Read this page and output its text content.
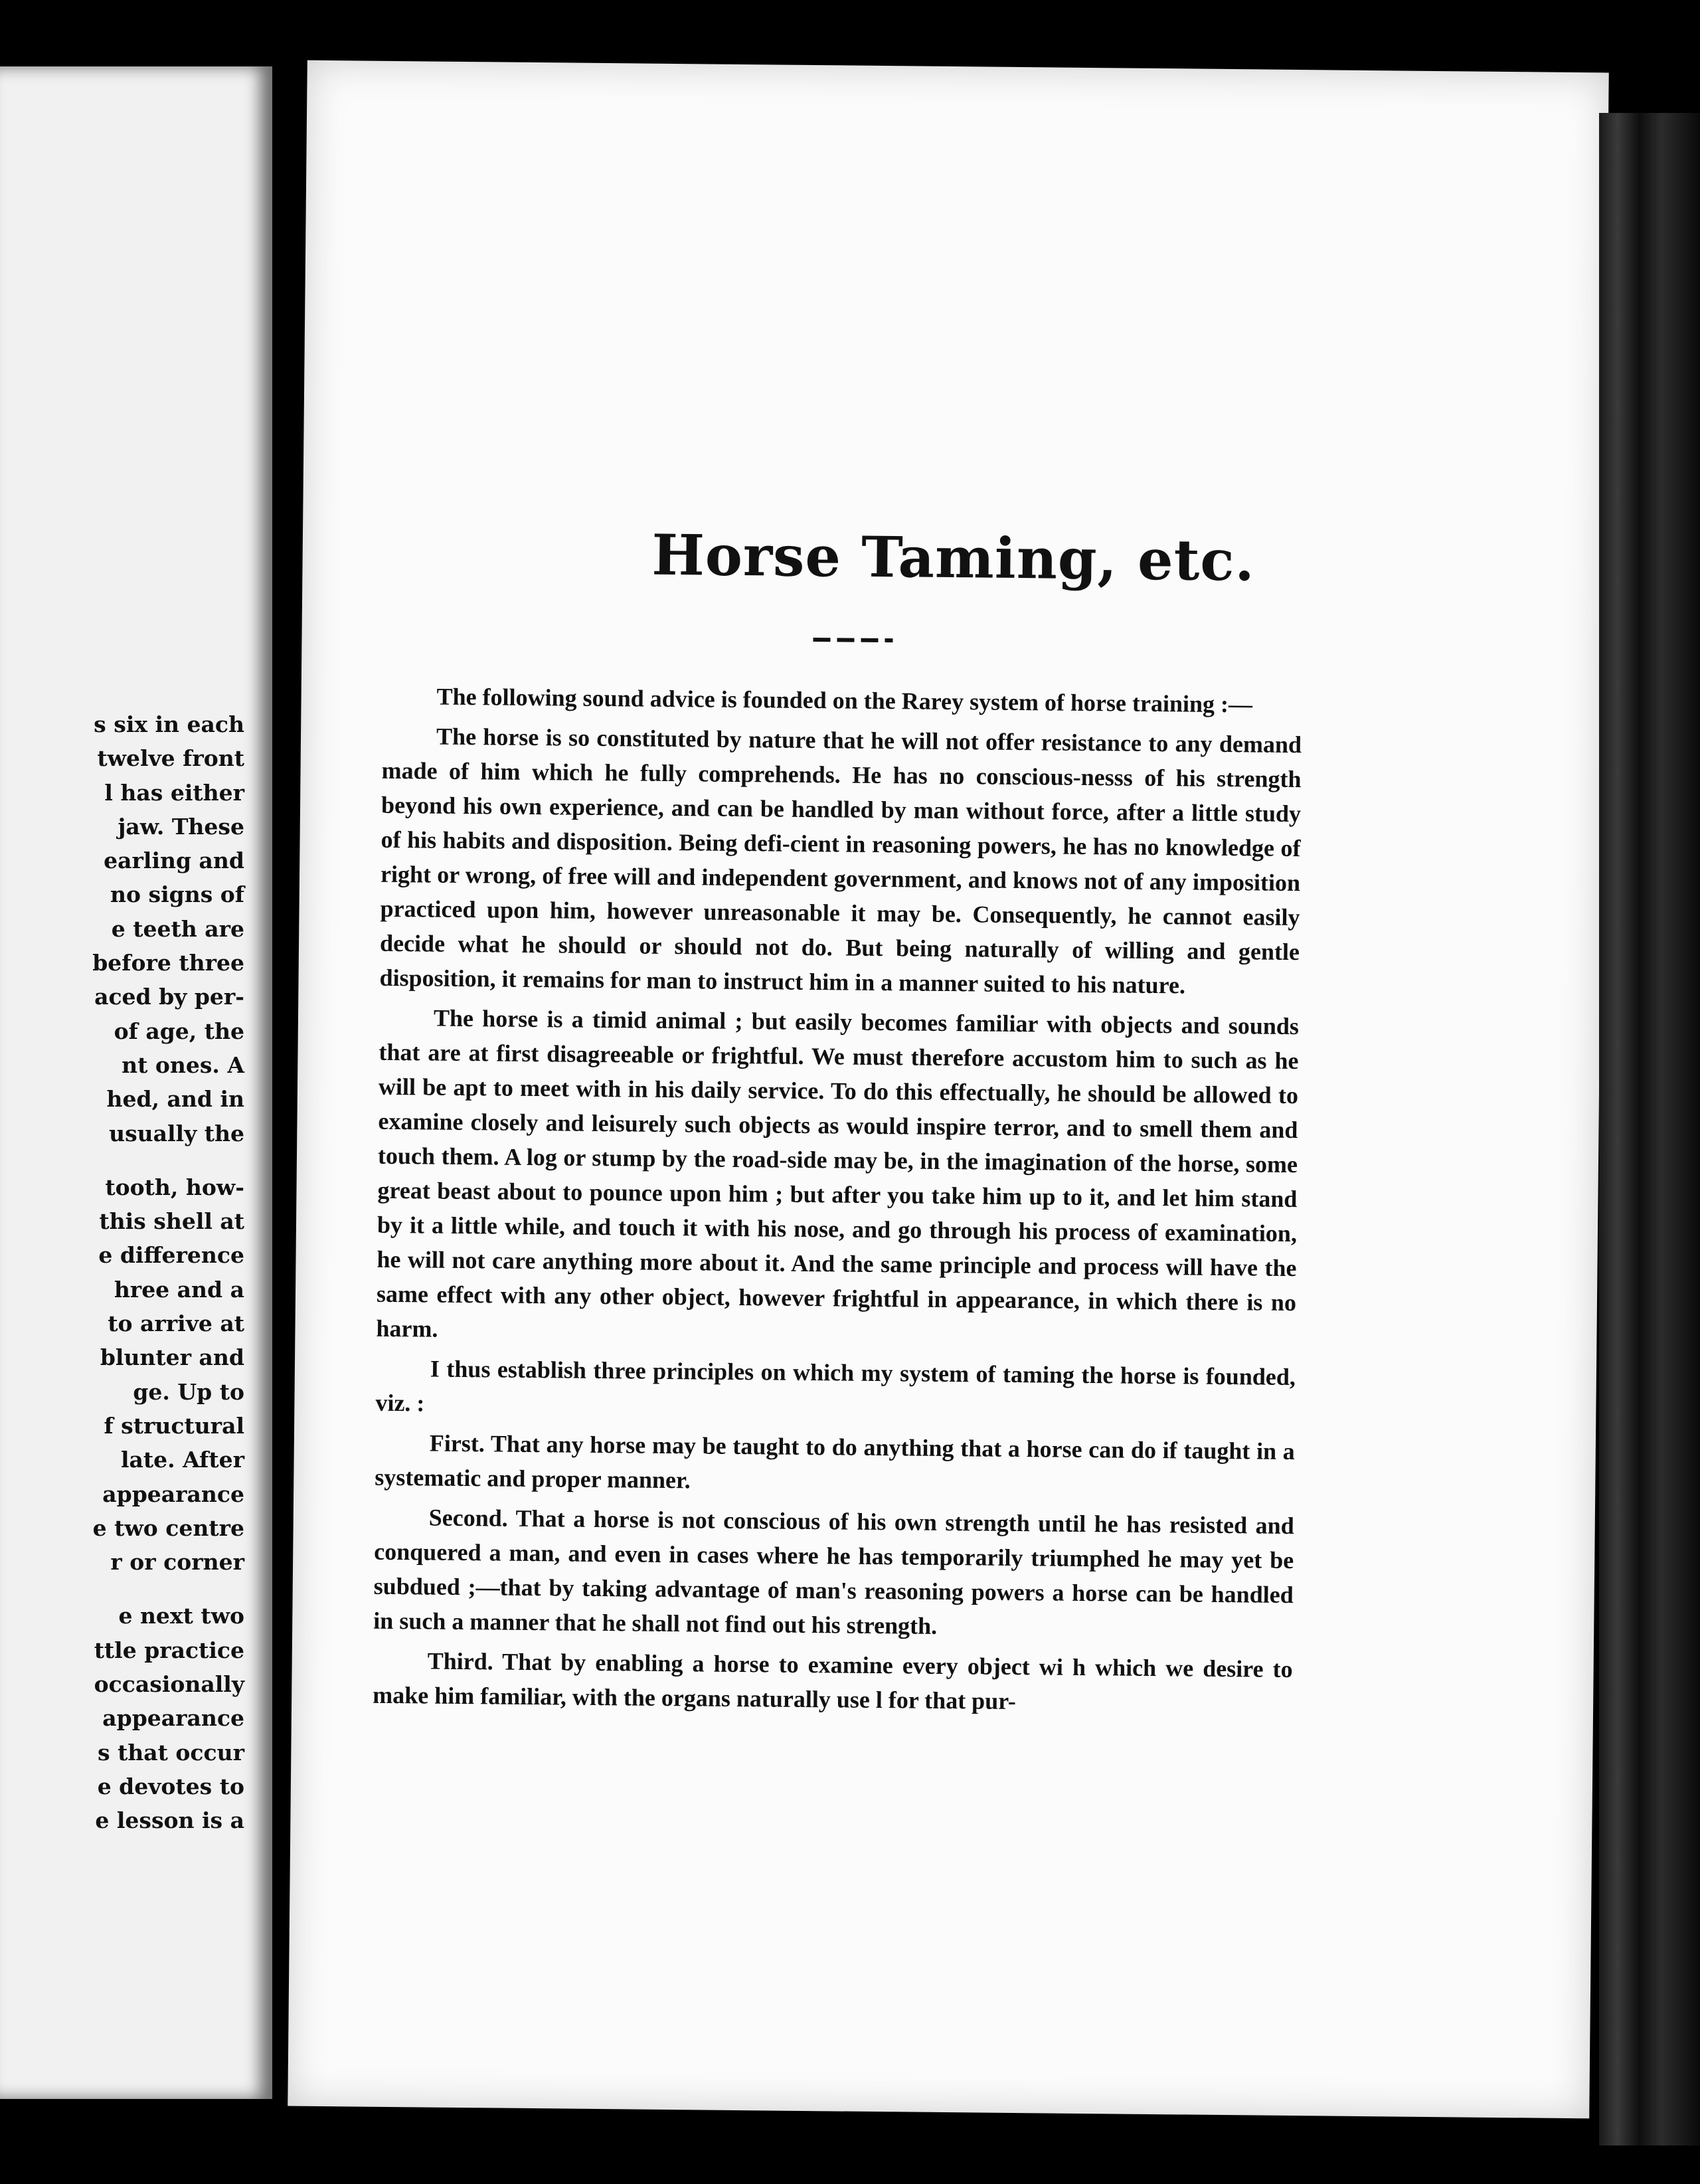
s six in each
twelve front
l has either
jaw. These
earling and
no signs of
e teeth are
before three
aced by per-
of age, the
nt ones. A
hed, and in
usually the
tooth, how-
this shell at
e difference
hree and a
to arrive at
blunter and
ge. Up to
f structural
late. After
appearance
e two centre
r or corner
e next two
ttle practice
occasionally
appearance
s that occur
e devotes to
e lesson is a
Horse Taming, etc.

The following sound advice is founded on the Rarey system of horse training :—

The horse is so constituted by nature that he will not offer resistance to any demand made of him which he fully comprehends. He has no conscious-nesss of his strength beyond his own experience, and can be handled by man without force, after a little study of his habits and disposition. Being defi-cient in reasoning powers, he has no knowledge of right or wrong, of free will and independent government, and knows not of any imposition practiced upon him, however unreasonable it may be. Consequently, he cannot easily decide what he should or should not do. But being naturally of willing and gentle disposition, it remains for man to instruct him in a manner suited to his nature.

The horse is a timid animal ; but easily becomes familiar with objects and sounds that are at first disagreeable or frightful. We must therefore accustom him to such as he will be apt to meet with in his daily service. To do this effectually, he should be allowed to examine closely and leisurely such objects as would inspire terror, and to smell them and touch them. A log or stump by the road-side may be, in the imagination of the horse, some great beast about to pounce upon him ; but after you take him up to it, and let him stand by it a little while, and touch it with his nose, and go through his process of examination, he will not care anything more about it. And the same principle and process will have the same effect with any other object, however frightful in appearance, in which there is no harm.

I thus establish three principles on which my system of taming the horse is founded, viz. :

First. That any horse may be taught to do anything that a horse can do if taught in a systematic and proper manner.

Second. That a horse is not conscious of his own strength until he has resisted and conquered a man, and even in cases where he has temporarily triumphed he may yet be subdued ;—that by taking advantage of man's reasoning powers a horse can be handled in such a manner that he shall not find out his strength.

Third. That by enabling a horse to examine every object wi h which we desire to make him familiar, with the organs naturally use l for that pur-
